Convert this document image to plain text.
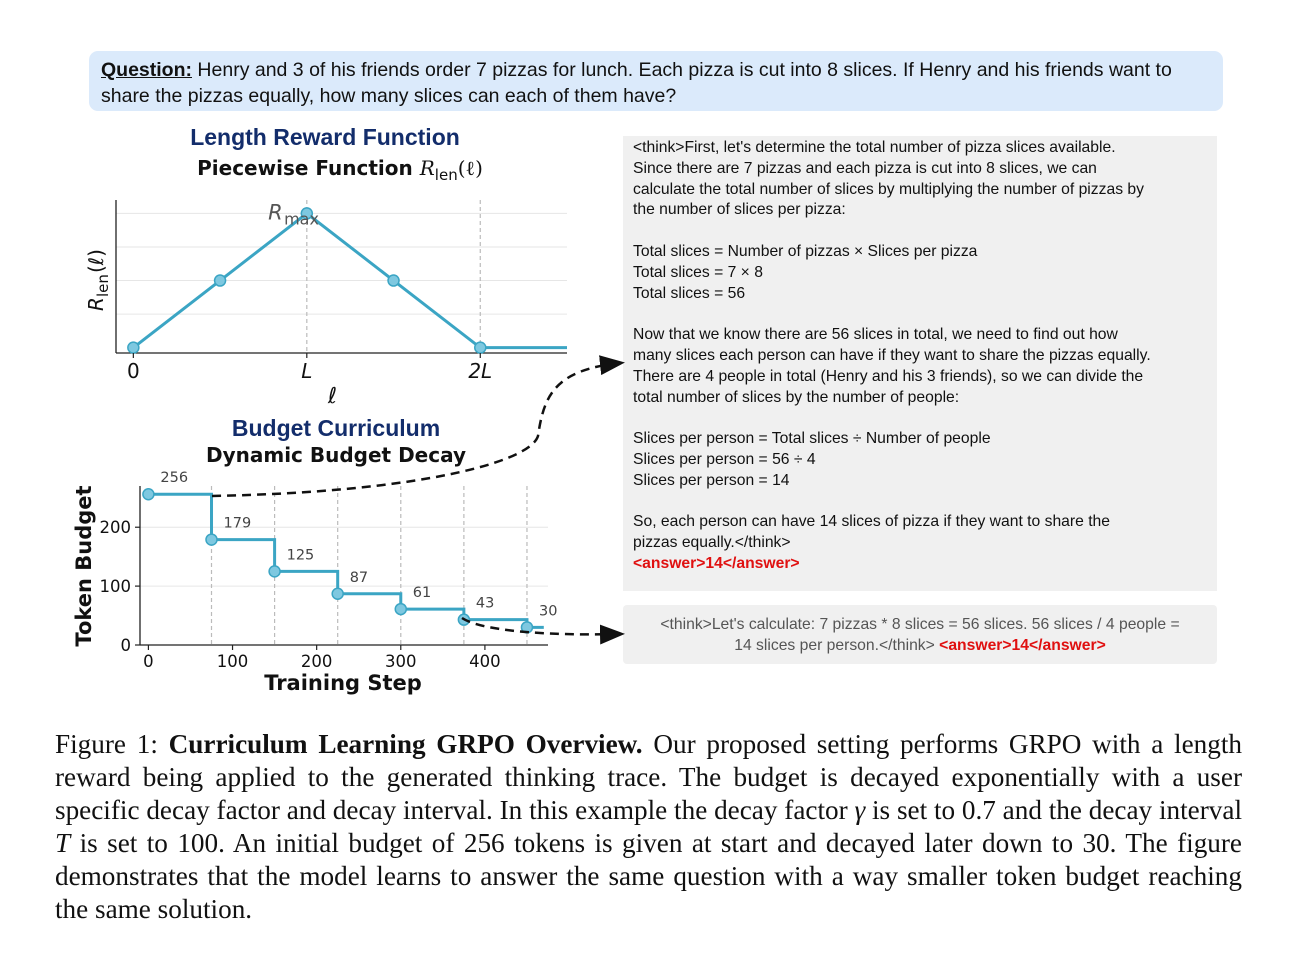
Question: Henry and 3 of his friends order 7 pizzas for lunch. Each pizza is cut into 8 slices. If Henry and his friends want to share the pizzas equally, how many slices can each of them have?
Length Reward Function
Piecewise Function $R_{len}(\ell)$
Budget Curriculum
Dynamic Budget Decay
0	L	2L
R max
ℓ
R
len
(ℓ)
256
179
125
87
61
43	30
0	100	200	300	400
0
100
200
Training Step
Token Budget

<think>First, let's determine the total number of pizza slices available.

Since there are 7 pizzas and each pizza is cut into 8 slices, we can

calculate the total number of slices by multiplying the number of pizzas by

the number of slices per pizza:

Total slices = Number of pizzas × Slices per pizza

Total slices = 7 × 8

Total slices = 56

Now that we know there are 56 slices in total, we need to find out how

many slices each person can have if they want to share the pizzas equally.

There are 4 people in total (Henry and his 3 friends), so we can divide the

total number of slices by the number of people:

Slices per person = Total slices ÷ Number of people

Slices per person = 56 ÷ 4

Slices per person = 14

So, each person can have 14 slices of pizza if they want to share the

pizzas equally.</think>

<answer>14</answer>

<think>Let's calculate: 7 pizzas * 8 slices = 56 slices. 56 slices / 4 people =
14 slices per person.</think> <answer>14</answer>
Figure 1: Curriculum Learning GRPO Overview. Our proposed setting performs GRPO with a length reward being applied to the generated thinking trace. The budget is decayed exponentially with a user specific decay factor and decay interval. In this example the decay factor γ is set to 0.7 and the decay interval T is set to 100. An initial budget of 256 tokens is given at start and decayed later down to 30. The figure demonstrates that the model learns to answer the same question with a way smaller token budget reaching the same solution.
